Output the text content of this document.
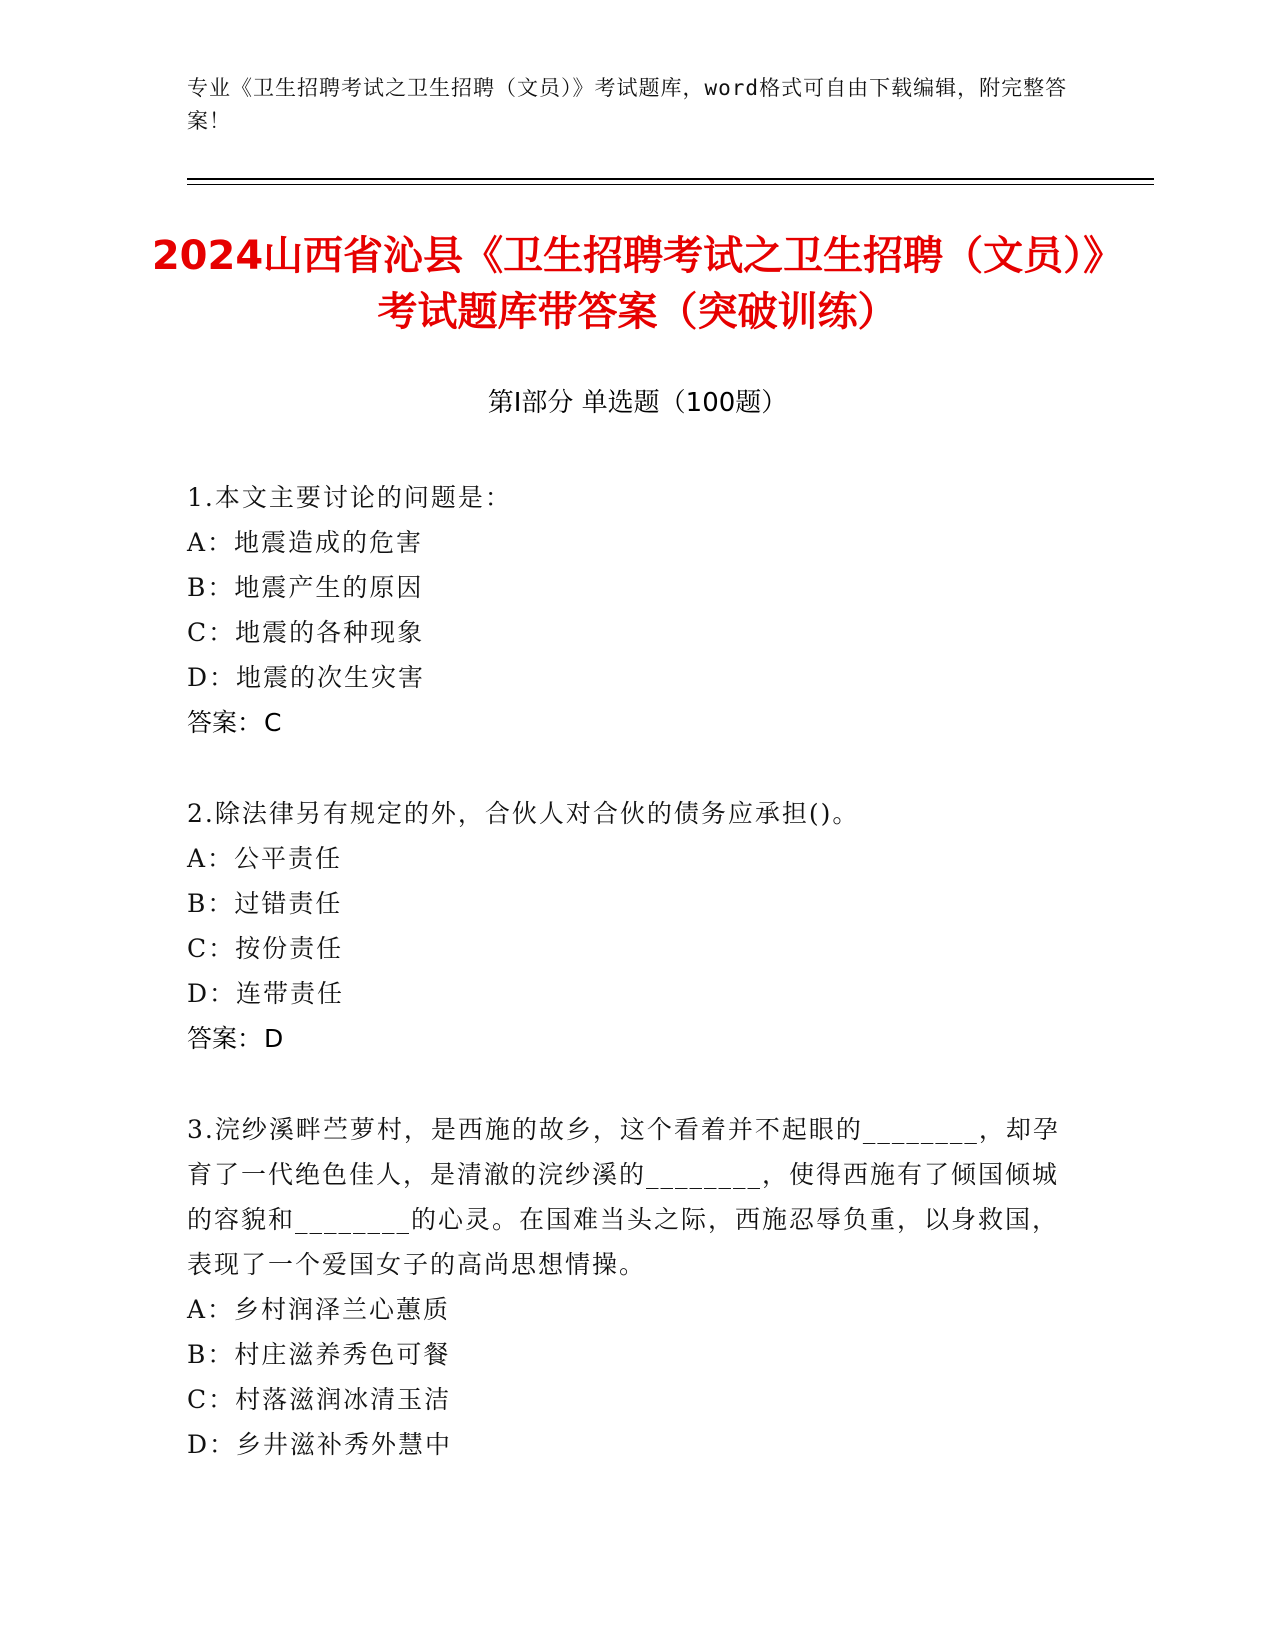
专业《卫生招聘考试之卫生招聘（文员）》考试题库，word格式可自由下载编辑，附完整答案！
2024山西省沁县《卫生招聘考试之卫生招聘（文员）》考试题库带答案（突破训练）
第Ⅰ部分 单选题（100题）
1.本文主要讨论的问题是：
A：地震造成的危害
B：地震产生的原因
C：地震的各种现象
D：地震的次生灾害
答案：C
2.除法律另有规定的外，合伙人对合伙的债务应承担()。
A：公平责任
B：过错责任
C：按份责任
D：连带责任
答案：D
3.浣纱溪畔苎萝村，是西施的故乡，这个看着并不起眼的________，却孕育了一代绝色佳人，是清澈的浣纱溪的________，使得西施有了倾国倾城的容貌和________的心灵。在国难当头之际，西施忍辱负重，以身救国，表现了一个爱国女子的高尚思想情操。
A：乡村润泽兰心蕙质
B：村庄滋养秀色可餐
C：村落滋润冰清玉洁
D：乡井滋补秀外慧中
